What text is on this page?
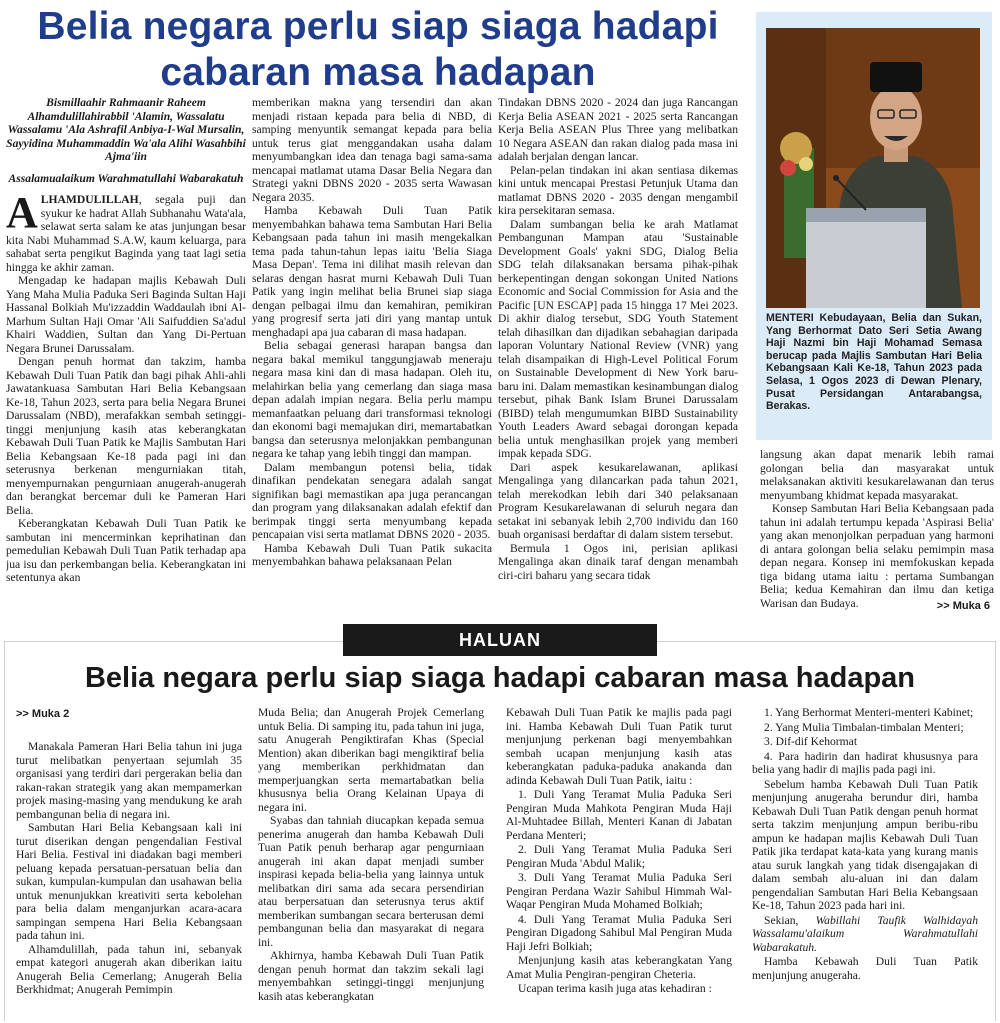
Belia negara perlu siap siaga hadapi cabaran masa hadapan

Bismillaahir Rahmaanir Raheem Alhamdulillahirabbil 'Alamin, Wassalatu Wassalamu 'Ala Ashrafil Anbiya-I-Wal Mursalin, Sayyidina Muhammaddin Wa'ala Alihi Wasahbihi Ajma'iin

Assalamualaikum Warahmatullahi Wabarakatuh

ALHAMDULILLAH, segala puji dan syukur ke hadrat Allah Subhanahu Wata'ala, selawat serta salam ke atas junjungan besar kita Nabi Muhammad S.A.W, kaum keluarga, para sahabat serta pengikut Baginda yang taat lagi setia hingga ke akhir zaman.

Mengadap ke hadapan majlis Kebawah Duli Yang Maha Mulia Paduka Seri Baginda Sultan Haji Hassanal Bolkiah Mu'izzaddin Waddaulah ibni Al-Marhum Sultan Haji Omar 'Ali Saifuddien Sa'adul Khairi Waddien, Sultan dan Yang Di-Pertuan Negara Brunei Darussalam.

Dengan penuh hormat dan takzim, hamba Kebawah Duli Tuan Patik dan bagi pihak Ahli-ahli Jawatankuasa Sambutan Hari Belia Kebangsaan Ke-18, Tahun 2023, serta para belia Negara Brunei Darussalam (NBD), merafakkan sembah setinggi-tinggi menjunjung kasih atas keberangkatan Kebawah Duli Tuan Patik ke Majlis Sambutan Hari Belia Kebangsaan Ke-18 pada pagi ini dan seterusnya berkenan mengurniakan titah, menyempurnakan pengurniaan anugerah-anugerah dan berangkat bercemar duli ke Pameran Hari Belia.

Keberangkatan Kebawah Duli Tuan Patik ke sambutan ini mencerminkan keprihatinan dan pemedulian Kebawah Duli Tuan Patik terhadap apa jua isu dan perkembangan belia. Keberangkatan ini setentunya akan

memberikan makna yang tersendiri dan akan menjadi ristaan kepada para belia di NBD, di samping menyuntik semangat kepada para belia untuk terus giat menggandakan usaha dalam menyumbangkan idea dan tenaga bagi sama-sama mencapai matlamat utama Dasar Belia Negara dan Strategi yakni DBNS 2020 - 2035 serta Wawasan Negara 2035.

Hamba Kebawah Duli Tuan Patik menyembahkan bahawa tema Sambutan Hari Belia Kebangsaan pada tahun ini masih mengekalkan tema pada tahun-tahun lepas iaitu 'Belia Siaga Masa Depan'. Tema ini dilihat masih relevan dan selaras dengan hasrat murni Kebawah Duli Tuan Patik yang ingin melihat belia Brunei siap siaga dengan pelbagai ilmu dan kemahiran, pemikiran yang progresif serta jati diri yang mantap untuk menghadapi apa jua cabaran di masa hadapan.

Belia sebagai generasi harapan bangsa dan negara bakal memikul tanggungjawab meneraju negara masa kini dan di masa hadapan. Oleh itu, melahirkan belia yang cemerlang dan siaga masa depan adalah impian negara. Belia perlu mampu memanfaatkan peluang dari transformasi teknologi dan ekonomi bagi memajukan diri, memartabatkan bangsa dan seterusnya melonjakkan pembangunan negara ke tahap yang lebih tinggi dan mampan.

Dalam membangun potensi belia, tidak dinafikan pendekatan senegara adalah sangat signifikan bagi memastikan apa juga perancangan dan program yang dilaksanakan adalah efektif dan berimpak tinggi serta menyumbang kepada pencapaian visi serta matlamat DBNS 2020 - 2035.

Hamba Kebawah Duli Tuan Patik sukacita menyembahkan bahawa pelaksanaan Pelan

Tindakan DBNS 2020 - 2024 dan juga Rancangan Kerja Belia ASEAN 2021 - 2025 serta Rancangan Kerja Belia ASEAN Plus Three yang melibatkan 10 Negara ASEAN dan rakan dialog pada masa ini adalah berjalan dengan lancar.

Pelan-pelan tindakan ini akan sentiasa dikemas kini untuk mencapai Prestasi Petunjuk Utama dan matlamat DBNS 2020 - 2035 dengan mengambil kira persekitaran semasa.

Dalam sumbangan belia ke arah Matlamat Pembangunan Mampan atau 'Sustainable Development Goals' yakni SDG, Dialog Belia SDG telah dilaksanakan bersama pihak-pihak berkepentingan dengan sokongan United Nations Economic and Social Commission for Asia and the Pacific [UN ESCAP] pada 15 hingga 17 Mei 2023. Di akhir dialog tersebut, SDG Youth Statement telah dihasilkan dan dijadikan sebahagian daripada laporan Voluntary National Review (VNR) yang telah disampaikan di High-Level Political Forum on Sustainable Development di New York baru-baru ini. Dalam memastikan kesinambungan dialog tersebut, pihak Bank Islam Brunei Darussalam (BIBD) telah mengumumkan BIBD Sustainability Youth Leaders Award sebagai dorongan kepada belia untuk menghasilkan projek yang memberi impak kepada SDG.

Dari aspek kesukarelawanan, aplikasi Mengalinga yang dilancarkan pada tahun 2021, telah merekodkan lebih dari 340 pelaksanaan Program Kesukarelawanan di seluruh negara dan setakat ini sebanyak lebih 2,700 individu dan 160 buah organisasi berdaftar di dalam sistem tersebut.

Bermula 1 Ogos ini, perisian aplikasi Mengalinga akan dinaik taraf dengan menambah ciri-ciri baharu yang secara tidak

MENTERI Kebudayaan, Belia dan Sukan, Yang Berhormat Dato Seri Setia Awang Haji Nazmi bin Haji Mohamad Semasa berucap pada Majlis Sambutan Hari Belia Kebangsaan Kali Ke-18, Tahun 2023 pada Selasa, 1 Ogos 2023 di Dewan Plenary, Pusat Persidangan Antarabangsa, Berakas.

langsung akan dapat menarik lebih ramai golongan belia dan masyarakat untuk melaksanakan aktiviti kesukarelawanan dan terus menyumbang khidmat kepada masyarakat.

Konsep Sambutan Hari Belia Kebangsaan pada tahun ini adalah tertumpu kepada 'Aspirasi Belia' yang akan menonjolkan perpaduan yang harmoni di antara golongan belia selaku pemimpin masa depan negara. Konsep ini memfokuskan kepada tiga bidang utama iaitu : pertama Sumbangan Belia; kedua Kemahiran dan ilmu dan ketiga Warisan dan Budaya.	>> Muka 6
HALUAN
Belia negara perlu siap siaga hadapi cabaran masa hadapan
>> Muka 2

Manakala Pameran Hari Belia tahun ini juga turut melibatkan penyertaan sejumlah 35 organisasi yang terdiri dari pergerakan belia dan rakan-rakan strategik yang akan mempamerkan projek masing-masing yang mendukung ke arah pembangunan belia di negara ini.

Sambutan Hari Belia Kebangsaan kali ini turut diserikan dengan pengendalian Festival Hari Belia. Festival ini diadakan bagi memberi peluang kepada persatuan-persatuan belia dan sukan, kumpulan-kumpulan dan usahawan belia untuk menunjukkan kreativiti serta kebolehan para belia dalam menganjurkan acara-acara sampingan sempena Hari Belia Kebangsaan pada tahun ini.

Alhamdulillah, pada tahun ini, sebanyak empat kategori anugerah akan diberikan iaitu Anugerah Belia Cemerlang; Anugerah Belia Berkhidmat; Anugerah Pemimpin

Muda Belia; dan Anugerah Projek Cemerlang untuk Belia. Di samping itu, pada tahun ini juga, satu Anugerah Pengiktirafan Khas (Special Mention) akan diberikan bagi mengiktiraf belia yang memberikan perkhidmatan dan memperjuangkan serta memartabatkan belia khususnya belia Orang Kelainan Upaya di negara ini.

Syabas dan tahniah diucapkan kepada semua penerima anugerah dan hamba Kebawah Duli Tuan Patik penuh berharap agar pengurniaan anugerah ini akan dapat menjadi sumber inspirasi kepada belia-belia yang lainnya untuk melibatkan diri sama ada secara persendirian atau berpersatuan dan seterusnya terus aktif memberikan sumbangan secara berterusan demi pembangunan belia dan masyarakat di negara ini.

Akhirnya, hamba Kebawah Duli Tuan Patik dengan penuh hormat dan takzim sekali lagi menyembahkan setinggi-tinggi menjunjung kasih atas keberangkatan

Kebawah Duli Tuan Patik ke majlis pada pagi ini. Hamba Kebawah Duli Tuan Patik turut menjunjung perkenan bagi menyembahkan sembah ucapan menjunjung kasih atas keberangkatan paduka-paduka anakanda dan adinda Kebawah Duli Tuan Patik, iaitu :

1. Duli Yang Teramat Mulia Paduka Seri Pengiran Muda Mahkota Pengiran Muda Haji Al-Muhtadee Billah, Menteri Kanan di Jabatan Perdana Menteri;

2. Duli Yang Teramat Mulia Paduka Seri Pengiran Muda 'Abdul Malik;

3. Duli Yang Teramat Mulia Paduka Seri Pengiran Perdana Wazir Sahibul Himmah Wal-Waqar Pengiran Muda Mohamed Bolkiah;

4. Duli Yang Teramat Mulia Paduka Seri Pengiran Digadong Sahibul Mal Pengiran Muda Haji Jefri Bolkiah;

Menjunjung kasih atas keberangkatan Yang Amat Mulia Pengiran-pengiran Cheteria.

Ucapan terima kasih juga atas kehadiran :

1. Yang Berhormat Menteri-menteri Kabinet;

2. Yang Mulia Timbalan-timbalan Menteri;

3. Dif-dif Kehormat

4. Para hadirin dan hadirat khususnya para belia yang hadir di majlis pada pagi ini.

Sebelum hamba Kebawah Duli Tuan Patik menjunjung anugeraha berundur diri, hamba Kebawah Duli Tuan Patik dengan penuh hormat serta takzim menjunjung ampun beribu-ribu ampun ke hadapan majlis Kebawah Duli Tuan Patik jika terdapat kata-kata yang kurang manis atau suruk langkah yang tidak disengajakan di dalam sembah alu-aluan ini dan dalam pengendalian Sambutan Hari Belia Kebangsaan Ke-18, Tahun 2023 pada hari ini.

Sekian, Wabillahi Taufik Walhidayah Wassalamu'alaikum Warahmatullahi Wabarakatuh.

Hamba Kebawah Duli Tuan Patik menjunjung anugeraha.
